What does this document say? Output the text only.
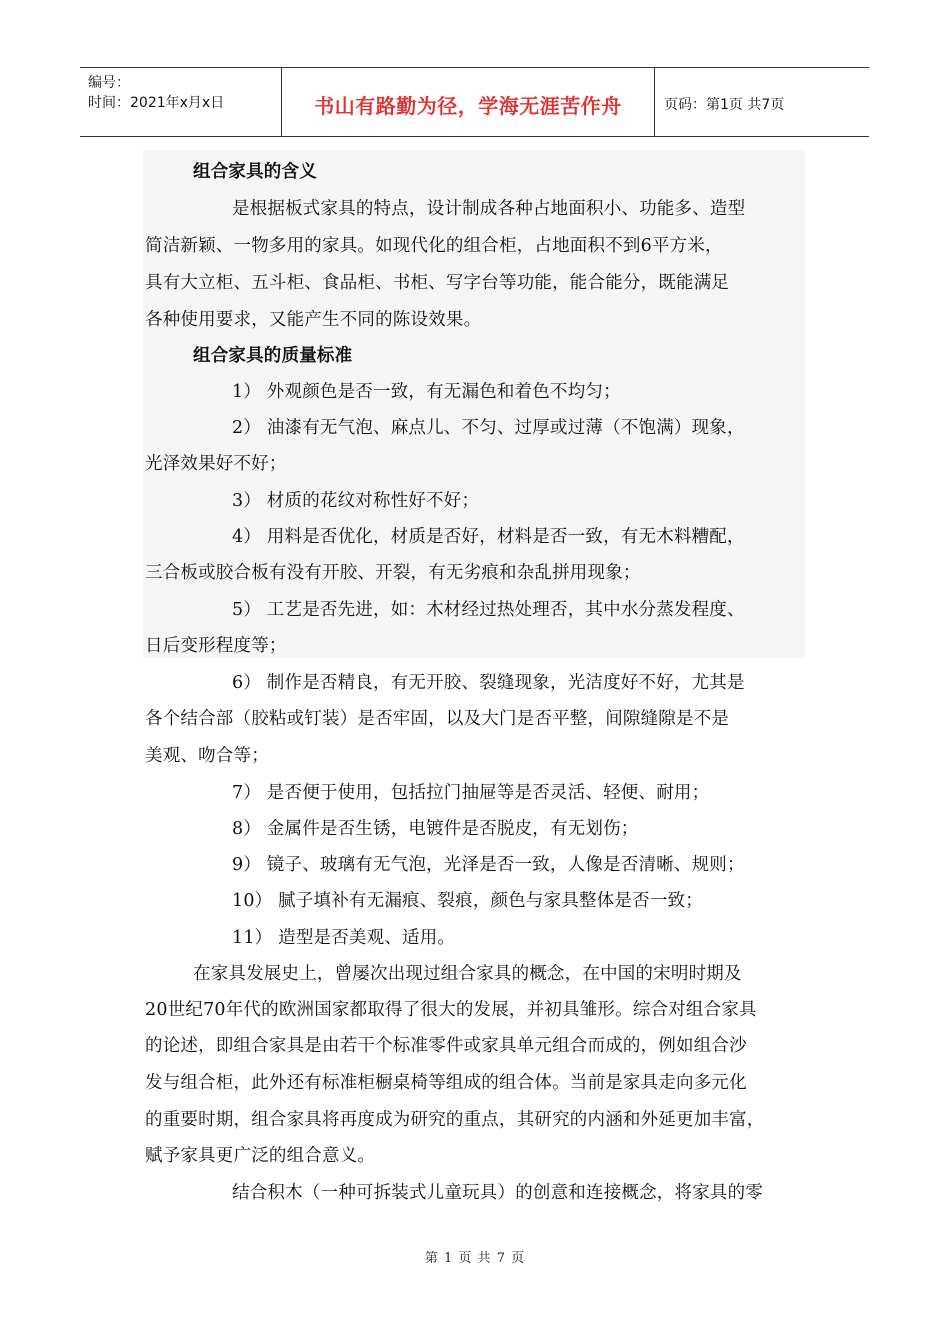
编号：
时间：2021年x月x日	书山有路勤为径，学海无涯苦作舟	页码：第1页 共7页
组合家具的含义
是根据板式家具的特点，设计制成各种占地面积小、功能多、造型
简洁新颖、一物多用的家具。如现代化的组合柜，占地面积不到6平方米，
具有大立柜、五斗柜、食品柜、书柜、写字台等功能，能合能分，既能满足
各种使用要求，又能产生不同的陈设效果。
组合家具的质量标准
1） 外观颜色是否一致，有无漏色和着色不均匀；
2） 油漆有无气泡、麻点儿、不匀、过厚或过薄（不饱满）现象，
光泽效果好不好；
3） 材质的花纹对称性好不好；
4） 用料是否优化，材质是否好，材料是否一致，有无木料糟配，
三合板或胶合板有没有开胶、开裂，有无劣痕和杂乱拼用现象；
5） 工艺是否先进，如：木材经过热处理否，其中水分蒸发程度、
日后变形程度等；
6） 制作是否精良，有无开胶、裂缝现象，光洁度好不好，尤其是
各个结合部（胶粘或钉装）是否牢固，以及大门是否平整，间隙缝隙是不是
美观、吻合等；
7） 是否便于使用，包括拉门抽屉等是否灵活、轻便、耐用；
8） 金属件是否生锈，电镀件是否脱皮，有无划伤；
9） 镜子、玻璃有无气泡，光泽是否一致，人像是否清晰、规则；
10） 腻子填补有无漏痕、裂痕，颜色与家具整体是否一致；
11） 造型是否美观、适用。
在家具发展史上，曾屡次出现过组合家具的概念，在中国的宋明时期及
20世纪70年代的欧洲国家都取得了很大的发展，并初具雏形。综合对组合家具
的论述，即组合家具是由若干个标准零件或家具单元组合而成的，例如组合沙
发与组合柜，此外还有标准柜橱桌椅等组成的组合体。当前是家具走向多元化
的重要时期，组合家具将再度成为研究的重点，其研究的内涵和外延更加丰富，
赋予家具更广泛的组合意义。
结合积木（一种可拆装式儿童玩具）的创意和连接概念，将家具的零
第 1 页 共 7 页
